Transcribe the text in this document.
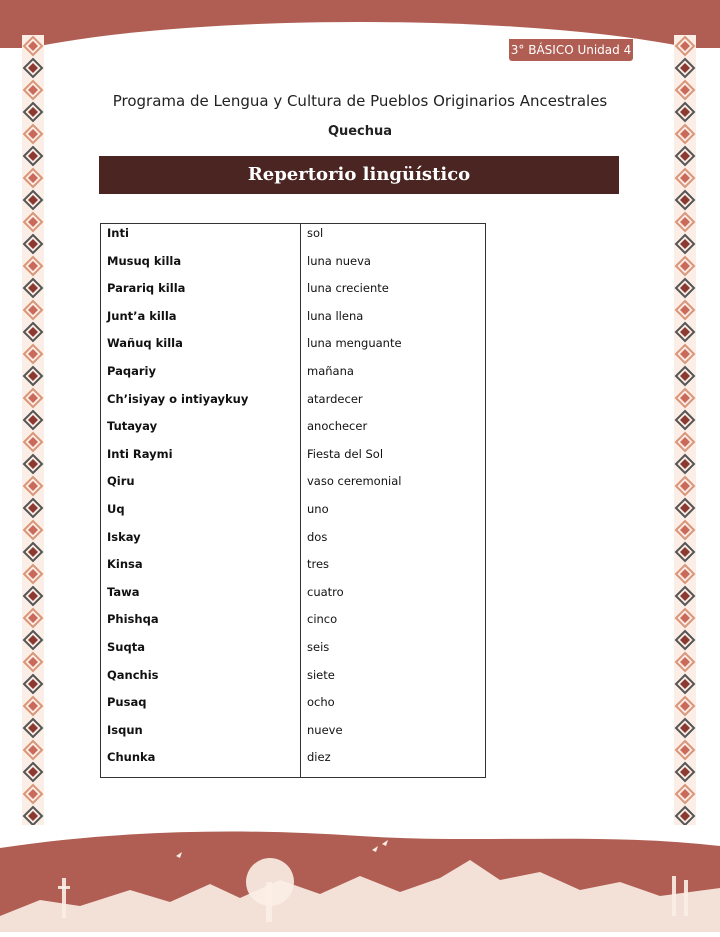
3° BÁSICO Unidad 4
Programa de Lengua y Cultura de Pueblos Originarios Ancestrales
Quechua
Repertorio lingüístico
Inti	sol
Musuq killa	luna nueva
Parariq killa	luna creciente
Junt’a killa	luna llena
Wañuq killa	luna menguante
Paqariy	mañana
Ch’isiyay o intiyaykuy	atardecer
Tutayay	anochecer
Inti Raymi	Fiesta del Sol
Qiru	vaso ceremonial
Uq	uno
Iskay	dos
Kinsa	tres
Tawa	cuatro
Phishqa	cinco
Suqta	seis
Qanchis	siete
Pusaq	ocho
Isqun	nueve
Chunka	diez
